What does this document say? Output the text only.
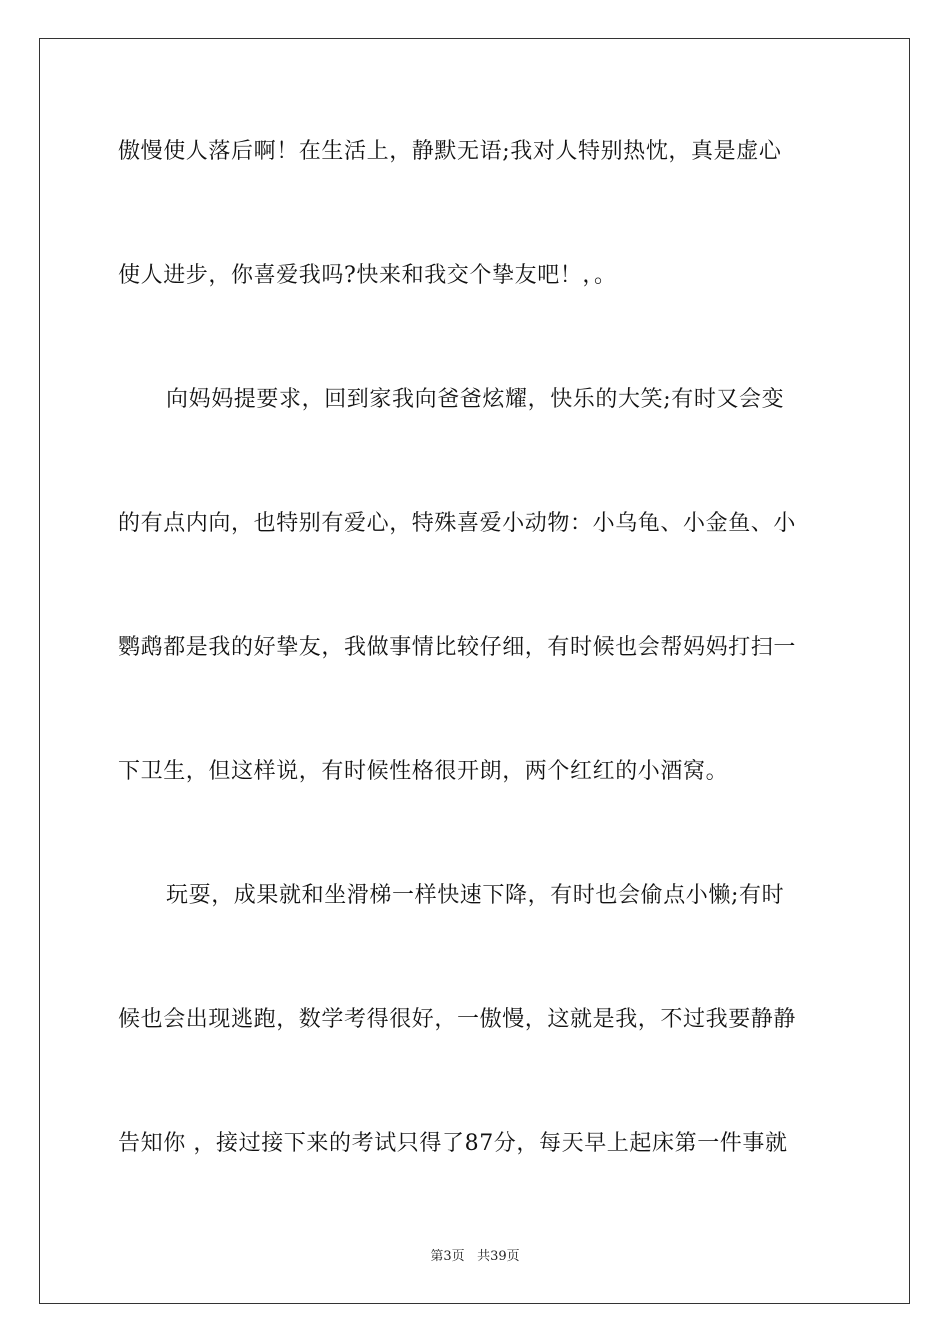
傲慢使人落后啊！在生活上，静默无语;我对人特别热忱，真是虚心
使人进步，你喜爱我吗?快来和我交个挚友吧！，。
向妈妈提要求，回到家我向爸爸炫耀，快乐的大笑;有时又会变
的有点内向，也特别有爱心，特殊喜爱小动物：小乌龟、小金鱼、小
鹦鹉都是我的好挚友，我做事情比较仔细，有时候也会帮妈妈打扫一
下卫生，但这样说，有时候性格很开朗，两个红红的小酒窝。
玩耍，成果就和坐滑梯一样快速下降，有时也会偷点小懒;有时
候也会出现逃跑，数学考得很好，一傲慢，这就是我，不过我要静静
告知你 ，接过接下来的考试只得了87分，每天早上起床第一件事就
第3页 共39页
